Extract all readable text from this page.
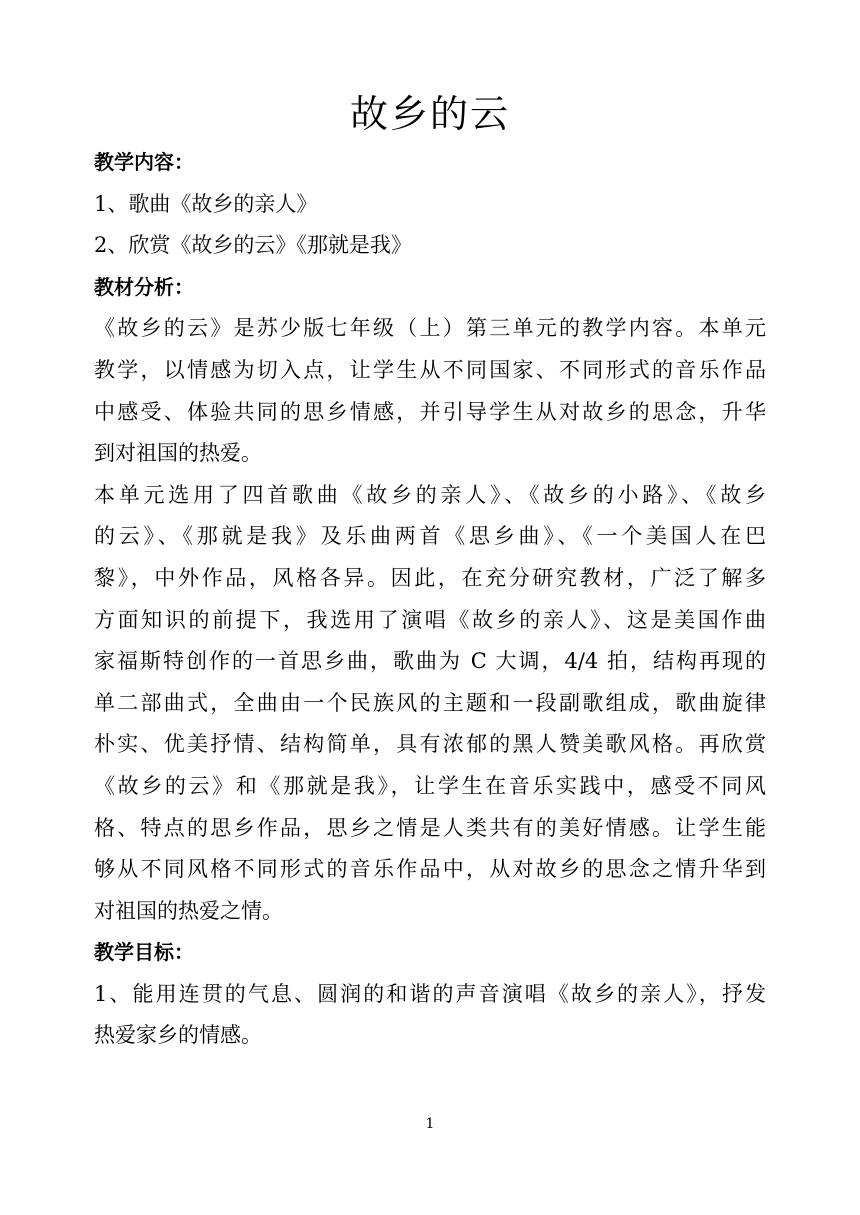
故乡的云

教学内容：

1、歌曲《故乡的亲人》

2、欣赏《故乡的云》《那就是我》

教材分析：

《故乡的云》是苏少版七年级（上）第三单元的教学内容。本单元

教学，以情感为切入点，让学生从不同国家、不同形式的音乐作品

中感受、体验共同的思乡情感，并引导学生从对故乡的思念，升华

到对祖国的热爱。

本单元选用了四首歌曲《故乡的亲人》、《故乡的小路》、《故乡

的云》、《那就是我》及乐曲两首《思乡曲》、《一个美国人在巴

黎》，中外作品，风格各异。因此，在充分研究教材，广泛了解多

方面知识的前提下，我选用了演唱《故乡的亲人》、这是美国作曲

家福斯特创作的一首思乡曲，歌曲为 C 大调，4/4 拍，结构再现的

单二部曲式，全曲由一个民族风的主题和一段副歌组成，歌曲旋律

朴实、优美抒情、结构简单，具有浓郁的黑人赞美歌风格。再欣赏

《故乡的云》和《那就是我》，让学生在音乐实践中，感受不同风

格、特点的思乡作品，思乡之情是人类共有的美好情感。让学生能

够从不同风格不同形式的音乐作品中，从对故乡的思念之情升华到

对祖国的热爱之情。

教学目标：

1、能用连贯的气息、圆润的和谐的声音演唱《故乡的亲人》，抒发

热爱家乡的情感。

1
